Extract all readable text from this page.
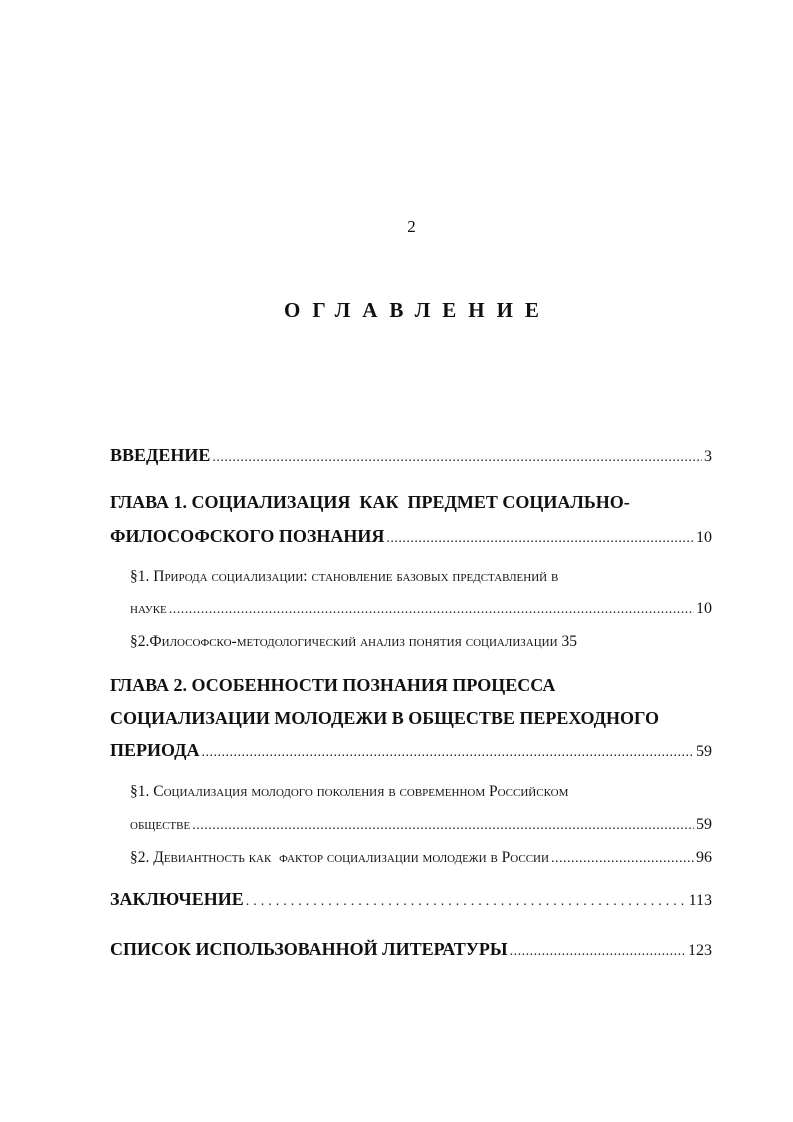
2
ОГЛАВЛЕНИЕ
ВВЕДЕНИЕ .....	3
ГЛАВА 1. СОЦИАЛИЗАЦИЯ  КАК  ПРЕДМЕТ СОЦИАЛЬНО-
ФИЛОСОФСКОГО ПОЗНАНИЯ .....	10
§1. Природа социализации: становление базовых представлений в
науке .....	10
§2.Философско-методологический анализ понятия социализации 35
ГЛАВА 2. ОСОБЕННОСТИ ПОЗНАНИЯ ПРОЦЕССА
СОЦИАЛИЗАЦИИ МОЛОДЕЖИ В ОБЩЕСТВЕ ПЕРЕХОДНОГО
ПЕРИОДА .....	59
§1. Социализация молодого поколения в современном Российском
обществе .....	59
§2. Девиантность как  фактор социализации молодежи в России .....	96
ЗАКЛЮЧЕНИЕ .....	113
СПИСОК ИСПОЛЬЗОВАННОЙ ЛИТЕРАТУРЫ .....	123
